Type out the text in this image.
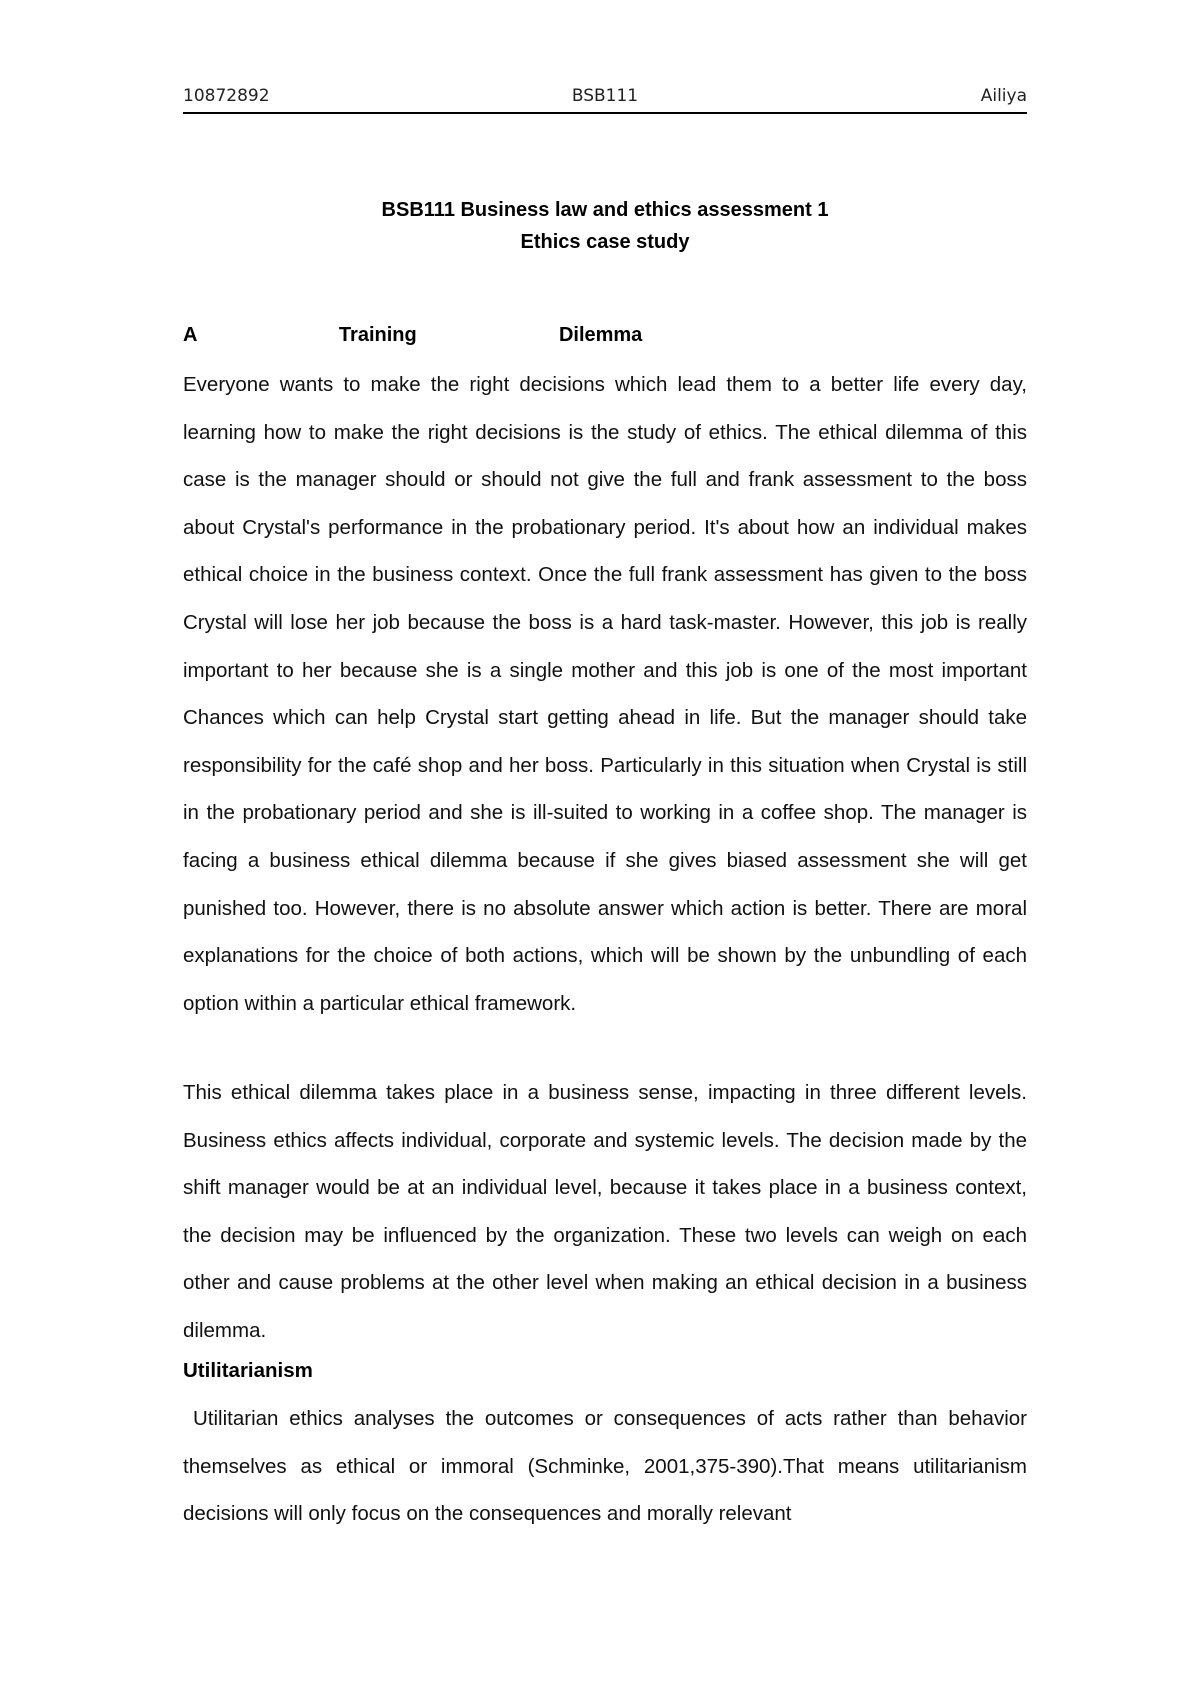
10872892	BSB111	Ailiya
BSB111 Business law and ethics assessment 1
Ethics case study
A    Training    Dilemma
Everyone wants to make the right decisions which lead them to a better life every day, learning how to make the right decisions is the study of ethics. The ethical dilemma of this case is the manager should or should not give the full and frank assessment to the boss about Crystal's performance in the probationary period. It's about how an individual makes ethical choice in the business context. Once the full frank assessment has given to the boss Crystal will lose her job because the boss is a hard task-master. However, this job is really important to her because she is a single mother and this job is one of the most important Chances which can help Crystal start getting ahead in life. But the manager should take responsibility for the café shop and her boss. Particularly in this situation when Crystal is still in the probationary period and she is ill-suited to working in a coffee shop. The manager is facing a business ethical dilemma because if she gives biased assessment she will get punished too. However, there is no absolute answer which action is better. There are moral explanations for the choice of both actions, which will be shown by the unbundling of each option within a particular ethical framework.
This ethical dilemma takes place in a business sense, impacting in three different levels. Business ethics affects individual, corporate and systemic levels. The decision made by the shift manager would be at an individual level, because it takes place in a business context, the decision may be influenced by the organization. These two levels can weigh on each other and cause problems at the other level when making an ethical decision in a business dilemma.
Utilitarianism
Utilitarian ethics analyses the outcomes or consequences of acts rather than behavior themselves as ethical or immoral (Schminke, 2001,375-390).That means utilitarianism decisions will only focus on the consequences and morally relevant
